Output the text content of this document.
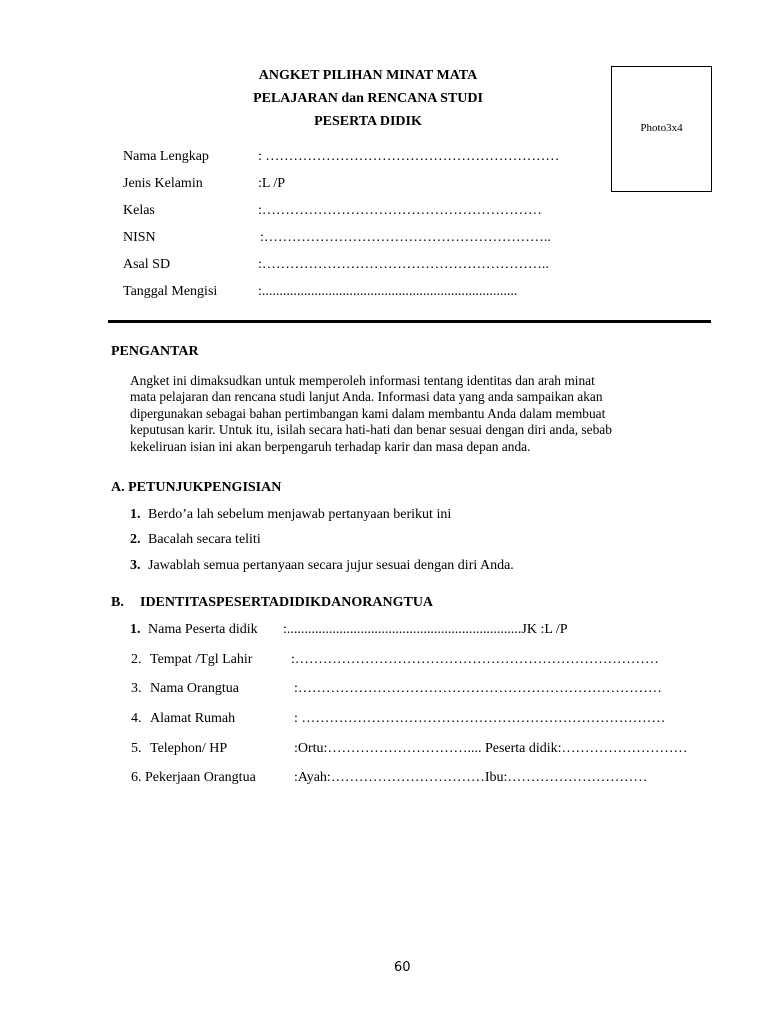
ANGKET PILIHAN MINAT MATA
PELAJARAN dan RENCANA STUDI
PESERTA DIDIK	Photo3x4
Nama Lengkap	: ………………………………………………………
Jenis Kelamin	:L /P
Kelas	:……………………………………………………
NISN	:……………………………………………………..
Asal SD	:……………………………………………………..
Tanggal Mengisi	:.........................................................................
PENGANTAR
Angket ini dimaksudkan untuk memperoleh informasi tentang identitas dan arah minat
mata pelajaran dan rencana studi lanjut Anda. Informasi data yang anda sampaikan akan
dipergunakan sebagai bahan pertimbangan kami dalam membantu Anda dalam membuat
keputusan karir. Untuk itu, isilah secara hati-hati dan benar sesuai dengan diri anda, sebab
kekeliruan isian ini akan berpengaruh terhadap karir dan masa depan anda.
A. PETUNJUKPENGISIAN
1. Berdo’a lah sebelum menjawab pertanyaan berikut ini
2. Bacalah secara teliti
3. Jawablah semua pertanyaan secara jujur sesuai dengan diri Anda.
B. IDENTITASPESERTADIDIKDANORANGTUA
1. Nama Peserta didik :...................................................................JK :L /P
2. Tempat /Tgl Lahir	:……………………………………………………………………
3. Nama Orangtua	:……………………………………………………………………
4. Alamat Rumah	: ……………………………………………………………………
5. Telephon/ HP	:Ortu:………………………….... Peserta didik:………………………
6. Pekerjaan Orangtua	:Ayah:……………………………Ibu:…………………………
60
